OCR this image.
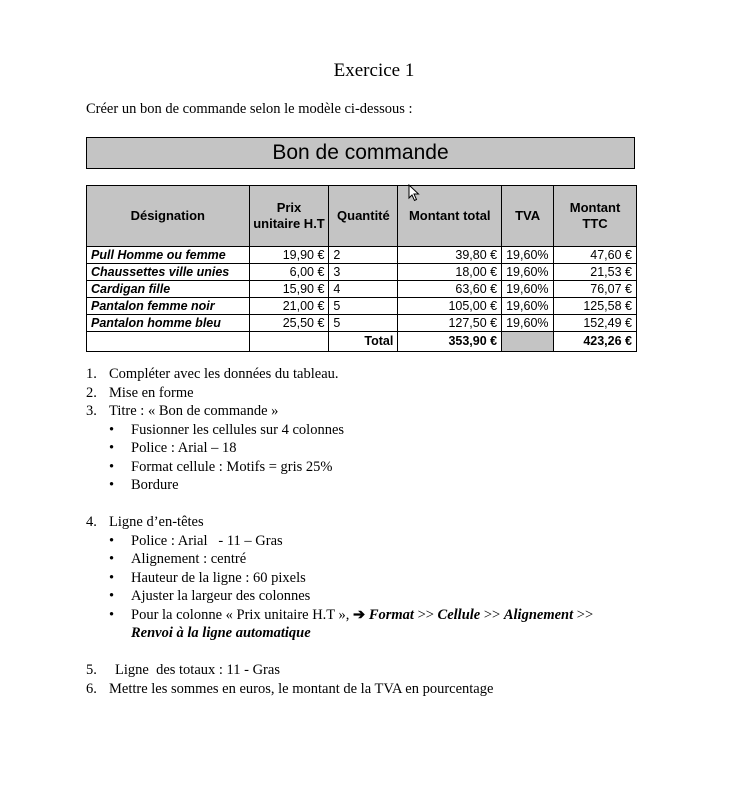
Exercice 1
Créer un bon de commande selon le modèle ci-dessous :
Bon de commande
Désignation	Prix unitaire H.T	Quantité	Montant total	TVA	Montant TTC
Pull Homme ou femme	19,90 €	2	39,80 €	19,60%	47,60 €
Chaussettes ville unies	6,00 €	3	18,00 €	19,60%	21,53 €
Cardigan fille	15,90 €	4	63,60 €	19,60%	76,07 €
Pantalon femme noir	21,00 €	5	105,00 €	19,60%	125,58 €
Pantalon homme bleu	25,50 €	5	127,50 €	19,60%	152,49 €
		Total	353,90 €		423,26 €
1. Compléter avec les données du tableau.
2. Mise en forme
3. Titre : « Bon de commande »
•	Fusionner les cellules sur 4 colonnes
•	Police : Arial – 18
•	Format cellule : Motifs = gris 25%
•	Bordure
4. Ligne d’en-têtes
•	Police : Arial   - 11 – Gras
•	Alignement : centré
•	Hauteur de la ligne : 60 pixels
•	Ajuster la largeur des colonnes
•	Pour la colonne « Prix unitaire H.T », ➔ Format >> Cellule >> Alignement >>
Renvoi à la ligne automatique
5.	Ligne  des totaux : 11 - Gras
6. Mettre les sommes en euros, le montant de la TVA en pourcentage
